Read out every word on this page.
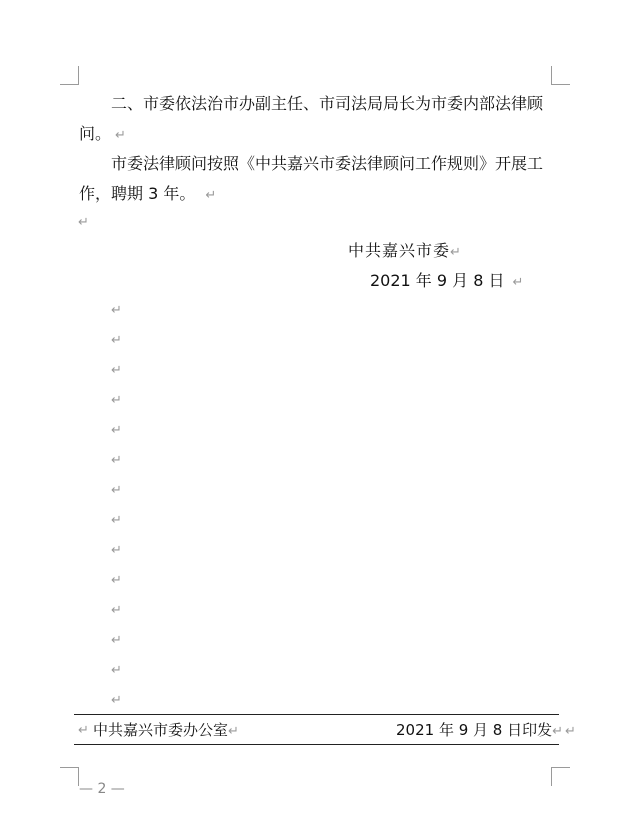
二、市委依法治市办副主任、市司法局局长为市委内部法律顾
问。 ↵
市委法律顾问按照《中共嘉兴市委法律顾问工作规则》开展工
作，聘期 3 年。 ↵
↵
中共嘉兴市委↵
2021 年 9 月 8 日 ↵
↵
↵
↵
↵
↵
↵
↵
↵
↵
↵
↵
↵
↵
↵
↵ 中共嘉兴市委办公室↵	2021 年 9 月 8 日印发↵ ↵
— 2 —
